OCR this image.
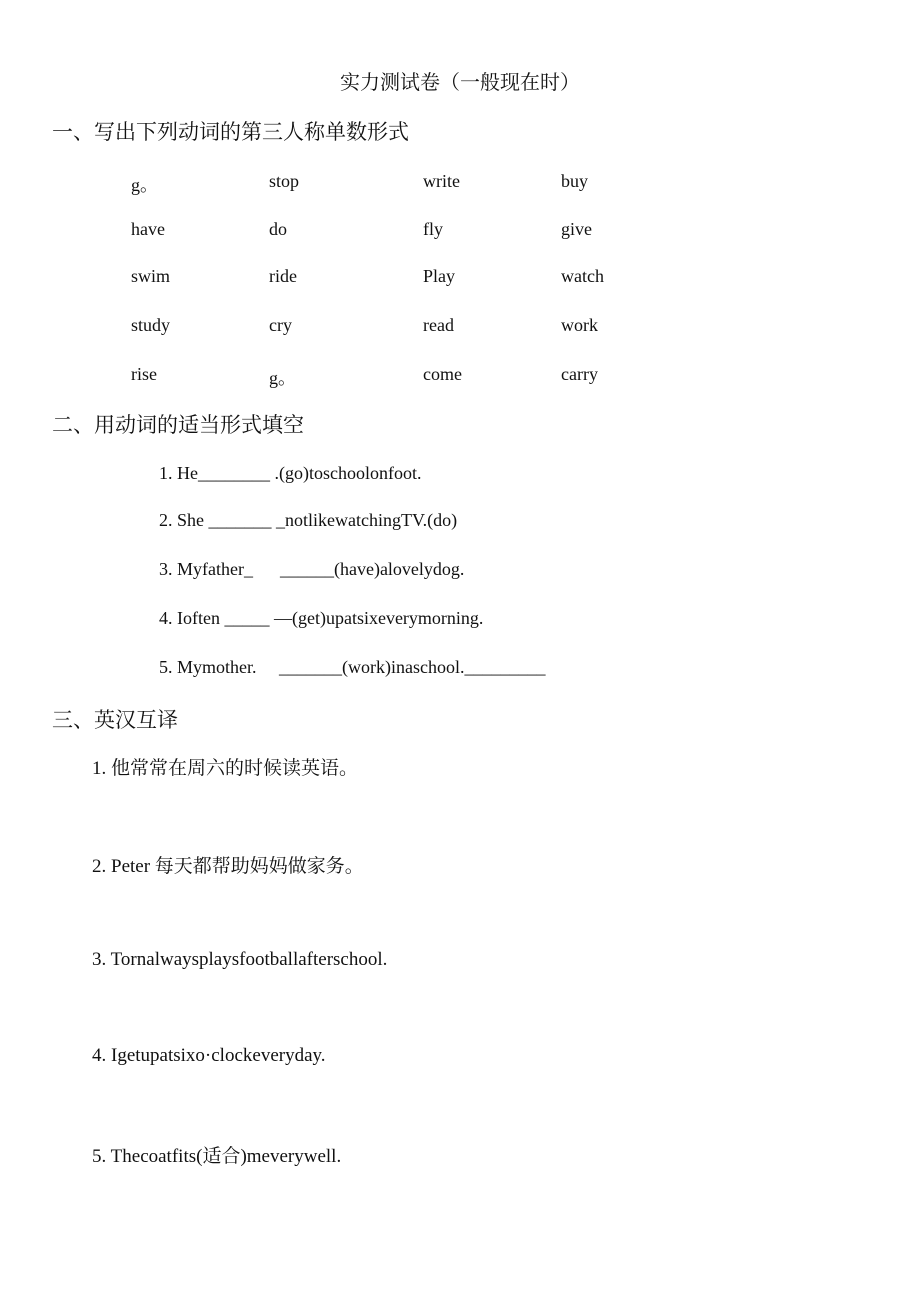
实力测试卷（一般现在时）
一、写出下列动词的第三人称单数形式
g。	stop	write	buy
have	do	fly	give
swim	ride	Play	watch
study	cry	read	work
rise	g。	come	carry
二、用动词的适当形式填空
1. He________ .(go)toschoolonfoot.
2. She _______ _notlikewatchingTV.(do)
3. Myfather_      ______(have)alovelydog.
4. Ioften _____ —(get)upatsixeverymorning.
5. Mymother.     _______(work)inaschool._________
三、英汉互译
1. 他常常在周六的时候读英语。
2. Peter 每天都帮助妈妈做家务。
3. Tornalwaysplaysfootballafterschool.
4. Igetupatsixo·clockeveryday.
5. Thecoatfits(适合)meverywell.
